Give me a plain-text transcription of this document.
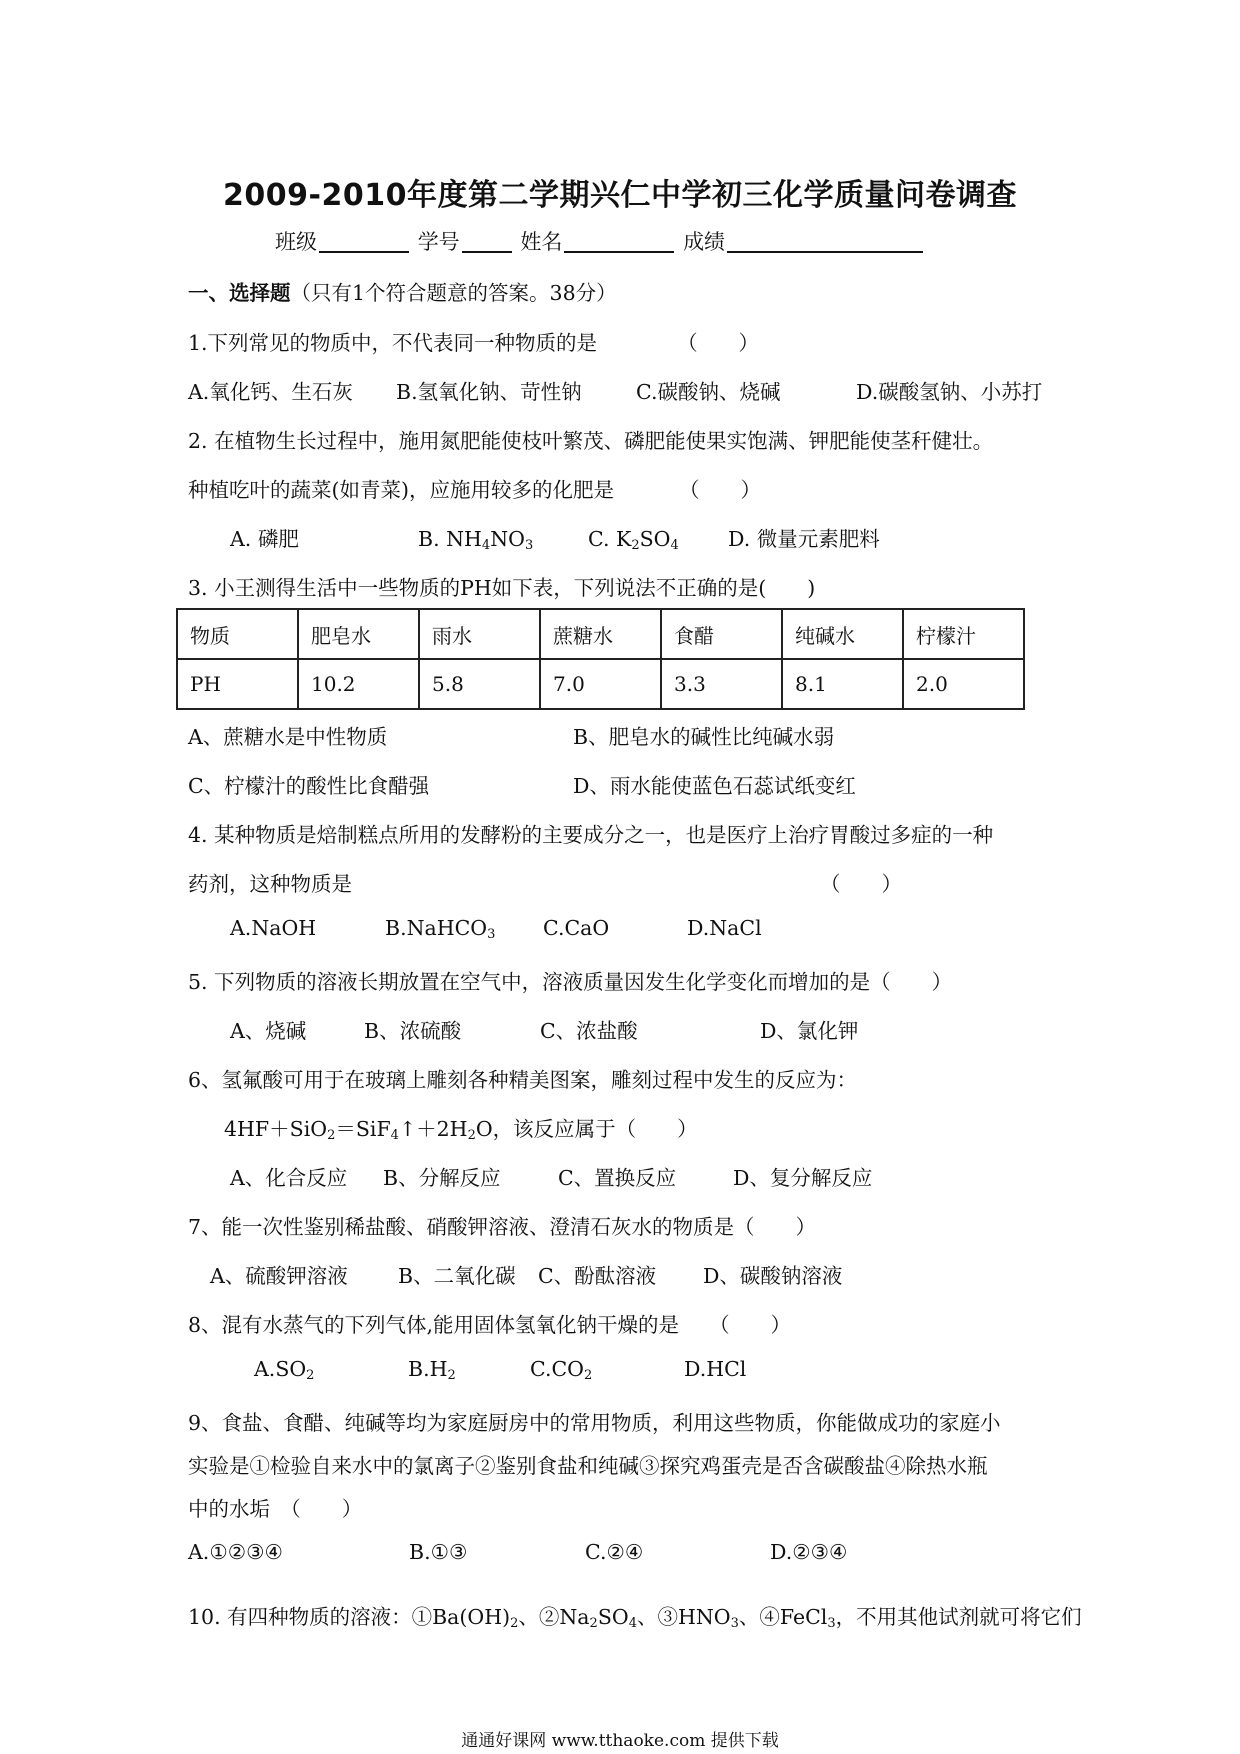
2009-2010年度第二学期兴仁中学初三化学质量问卷调查
班级	学号	姓名	成绩
一、选择题（只有1个符合题意的答案。38分）
1.下列常见的物质中，不代表同一种物质的是	（　　）
A.氧化钙、生石灰 B.氢氧化钠、苛性钠	C.碳酸钠、烧碱	D.碳酸氢钠、小苏打
2. 在植物生长过程中，施用氮肥能使枝叶繁茂、磷肥能使果实饱满、钾肥能使茎秆健壮。
种植吃叶的蔬菜(如青菜)，应施用较多的化肥是	（　　）
A. 磷肥	B. $NH_4NO_3$	C. $K_2SO_4$ D. 微量元素肥料
3. 小王测得生活中一些物质的PH如下表，下列说法不正确的是(　　)
物质	肥皂水	雨水	蔗糖水	食醋	纯碱水	柠檬汁
PH	10.2	5.8	7.0	3.3	8.1	2.0
A、蔗糖水是中性物质	B、肥皂水的碱性比纯碱水弱
C、柠檬汁的酸性比食醋强	D、雨水能使蓝色石蕊试纸变红
4. 某种物质是焙制糕点所用的发酵粉的主要成分之一，也是医疗上治疗胃酸过多症的一种
药剂，这种物质是	（　　）
A.NaOH	B.NaHCO$_3$ C.CaO	D.NaCl
5. 下列物质的溶液长期放置在空气中，溶液质量因发生化学变化而增加的是（　　）
A、烧碱	B、浓硫酸	C、浓盐酸	D、氯化钾
6、氢氟酸可用于在玻璃上雕刻各种精美图案，雕刻过程中发生的反应为：
$4HF+SiO_2=SiF_4↑+2H_2O$，该反应属于（　　）
A、化合反应 B、分解反应	C、置换反应	D、复分解反应
7、能一次性鉴别稀盐酸、硝酸钾溶液、澄清石灰水的物质是（　　）
A、硫酸钾溶液 B、二氧化碳 C、酚酞溶液 D、碳酸钠溶液
8、混有水蒸气的下列气体,能用固体氢氧化钠干燥的是 （　　）
$A.SO_2$	$B.H_2$	$C.CO_2$	D.HCl
9、食盐、食醋、纯碱等均为家庭厨房中的常用物质，利用这些物质，你能做成功的家庭小
实验是①检验自来水中的氯离子②鉴别食盐和纯碱③探究鸡蛋壳是否含碳酸盐④除热水瓶
中的水垢　（　　）
A.①②③④	B.①③	C.②④	D.②③④
10. 有四种物质的溶液：$①Ba(OH)_2$、$②Na_2SO_4$、$③HNO_3$、④FeCl$_3$，不用其他试剂就可将它们
通通好课网 www.tthaoke.com 提供下载
